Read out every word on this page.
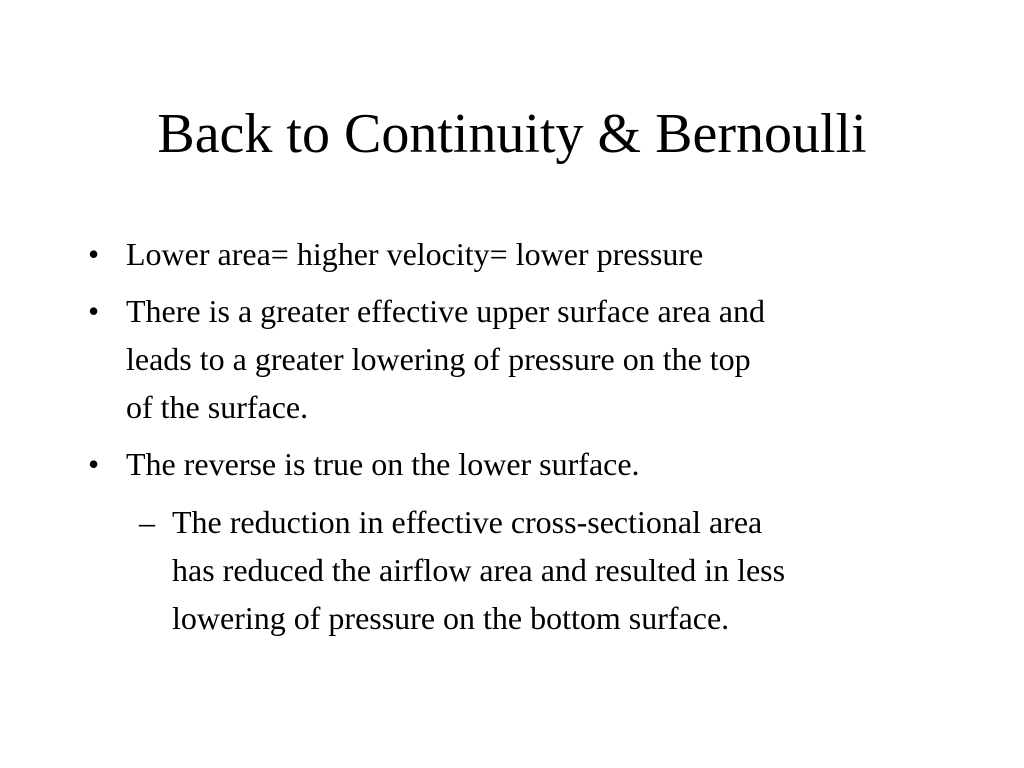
Back to Continuity & Bernoulli
• Lower area= higher velocity= lower pressure
• There is a greater effective upper surface area and
leads to a greater lowering of pressure on the top
of the surface.
• The reverse is true on the lower surface.
– The reduction in effective cross-sectional area
has reduced the airflow area and resulted in less
lowering of pressure on the bottom surface.
